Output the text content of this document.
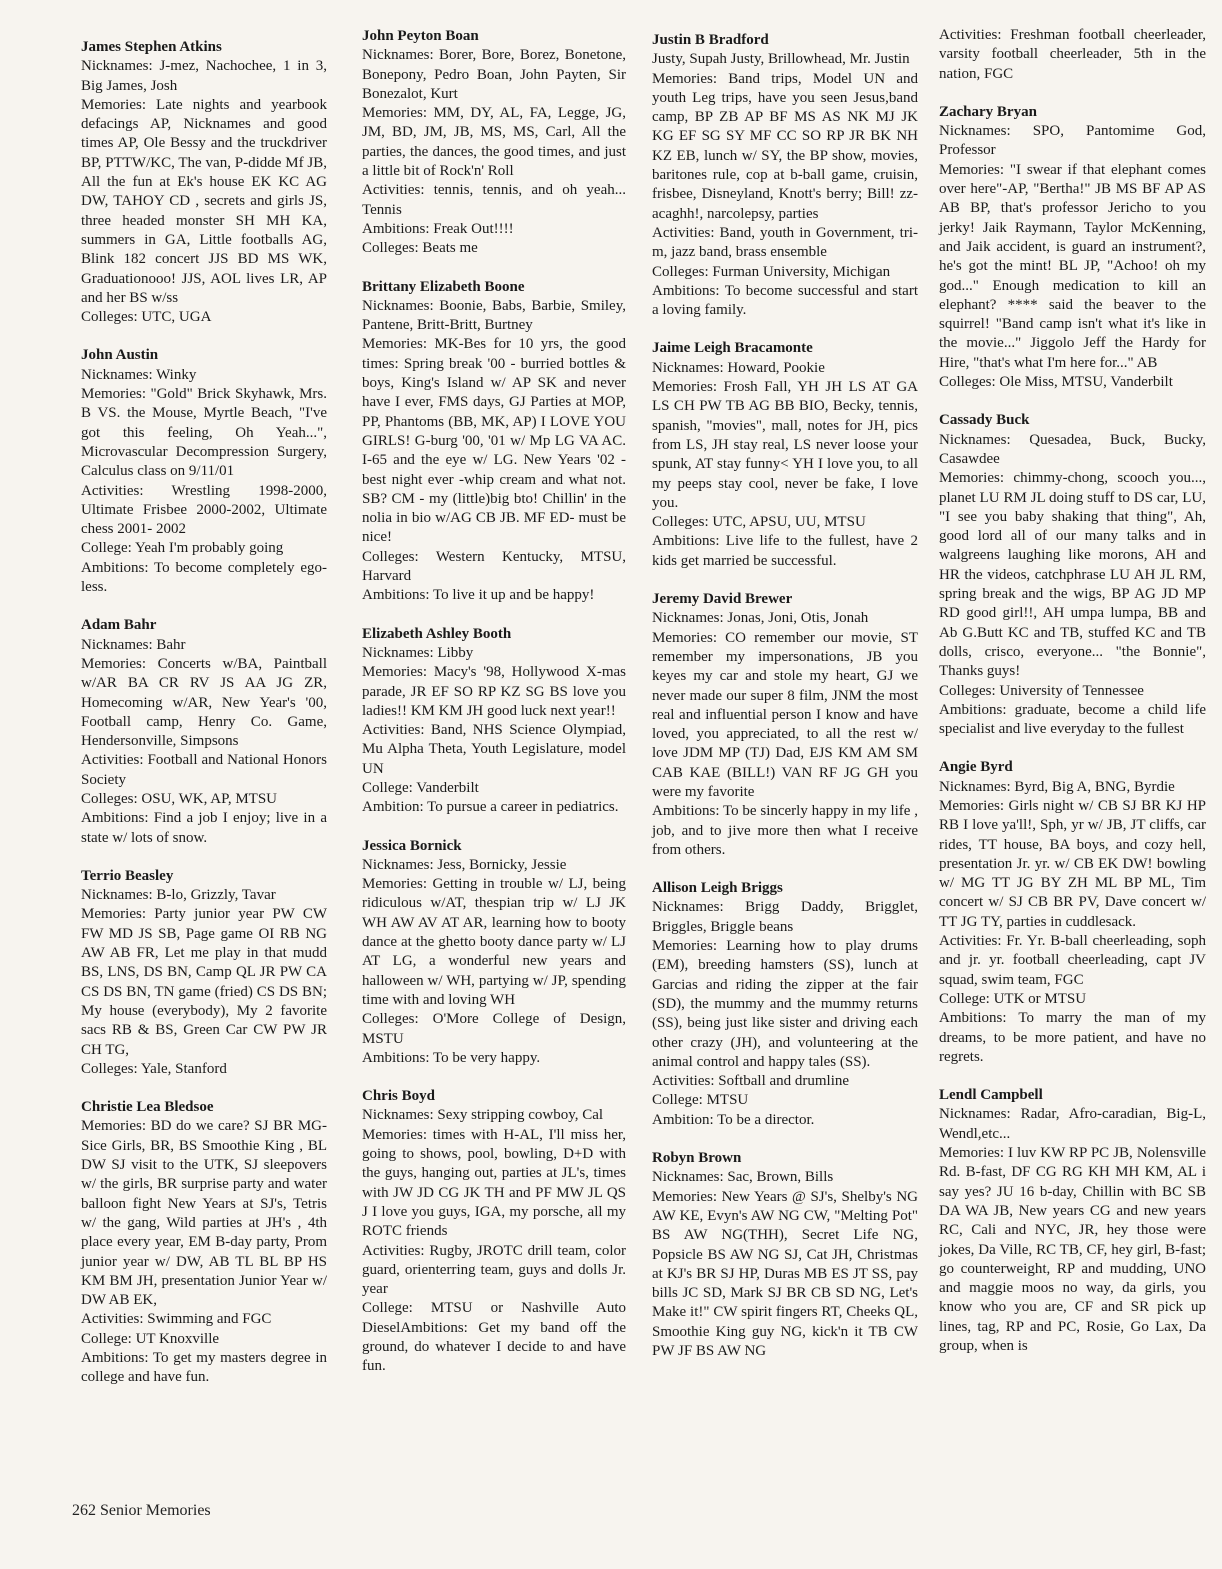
James Stephen Atkins
Nicknames: J-mez, Nachochee, 1 in 3, Big James, Josh
Memories: Late nights and yearbook defacings AP, Nicknames and good times AP, Ole Bessy and the truckdriver BP, PTTW/KC, The van, P-didde Mf JB, All the fun at Ek's house EK KC AG DW, TAHOY CD , secrets and girls JS, three headed monster SH MH KA, summers in GA, Little footballs AG, Blink 182 concert JJS BD MS WK, Graduationooo! JJS, AOL lives LR, AP and her BS w/ss
Colleges: UTC, UGA
John Austin
Nicknames: Winky
Memories: "Gold" Brick Skyhawk, Mrs. B VS. the Mouse, Myrtle Beach, "I've got this feeling, Oh Yeah...", Microvascular Decompression Surgery, Calculus class on 9/11/01
Activities: Wrestling 1998-2000, Ultimate Frisbee 2000-2002, Ultimate chess 2001- 2002
College: Yeah I'm probably going
Ambitions: To become completely ego-less.
Adam Bahr
Nicknames: Bahr
Memories: Concerts w/BA, Paintball w/AR BA CR RV JS AA JG ZR, Homecoming w/AR, New Year's '00, Football camp, Henry Co. Game, Hendersonville, Simpsons
Activities: Football and National Honors Society
Colleges: OSU, WK, AP, MTSU
Ambitions: Find a job I enjoy; live in a state w/ lots of snow.
Terrio Beasley
Nicknames: B-lo, Grizzly, Tavar
Memories: Party junior year PW CW FW MD JS SB, Page game OI RB NG AW AB FR, Let me play in that mudd BS, LNS, DS BN, Camp QL JR PW CA CS DS BN, TN game (fried) CS DS BN; My house (everybody), My 2 favorite sacs RB & BS, Green Car CW PW JR CH TG,
Colleges: Yale, Stanford
Christie Lea Bledsoe
Memories: BD do we care? SJ BR MG-Sice Girls, BR, BS Smoothie King , BL DW SJ visit to the UTK, SJ sleepovers w/ the girls, BR surprise party and water balloon fight New Years at SJ's, Tetris w/ the gang, Wild parties at JH's , 4th place every year, EM B-day party, Prom junior year w/ DW, AB TL BL BP HS KM BM JH, presentation Junior Year w/ DW AB EK,
Activities: Swimming and FGC
College: UT Knoxville
Ambitions: To get my masters degree in college and have fun.
John Peyton Boan
Nicknames: Borer, Bore, Borez, Bonetone, Bonepony, Pedro Boan, John Payten, Sir Bonezalot, Kurt
Memories: MM, DY, AL, FA, Legge, JG, JM, BD, JM, JB, MS, MS, Carl, All the parties, the dances, the good times, and just a little bit of Rock'n' Roll
Activities: tennis, tennis, and oh yeah... Tennis
Ambitions: Freak Out!!!!
Colleges: Beats me
Brittany Elizabeth Boone
Nicknames: Boonie, Babs, Barbie, Smiley, Pantene, Britt-Britt, Burtney
Memories: MK-Bes for 10 yrs, the good times: Spring break '00 - burried bottles & boys, King's Island w/ AP SK and never have I ever, FMS days, GJ Parties at MOP, PP, Phantoms (BB, MK, AP) I LOVE YOU GIRLS! G-burg '00, '01 w/ Mp LG VA AC. I-65 and the eye w/ LG. New Years '02 -best night ever -whip cream and what not. SB? CM - my (little)big bto! Chillin' in the nolia in bio w/AG CB JB. MF ED- must be nice!
Colleges: Western Kentucky, MTSU, Harvard
Ambitions: To live it up and be happy!
Elizabeth Ashley Booth
Nicknames: Libby
Memories: Macy's '98, Hollywood X-mas parade, JR EF SO RP KZ SG BS love you ladies!! KM KM JH good luck next year!!
Activities: Band, NHS Science Olympiad, Mu Alpha Theta, Youth Legislature, model UN
College: Vanderbilt
Ambition: To pursue a career in pediatrics.
Jessica Bornick
Nicknames: Jess, Bornicky, Jessie
Memories: Getting in trouble w/ LJ, being ridiculous w/AT, thespian trip w/ LJ JK WH AW AV AT AR, learning how to booty dance at the ghetto booty dance party w/ LJ AT LG, a wonderful new years and halloween w/ WH, partying w/ JP, spending time with and loving WH
Colleges: O'More College of Design, MSTU
Ambitions: To be very happy.
Chris Boyd
Nicknames: Sexy stripping cowboy, Cal
Memories: times with H-AL, I'll miss her, going to shows, pool, bowling, D+D with the guys, hanging out, parties at JL's, times with JW JD CG JK TH and PF MW JL QS J I love you guys, IGA, my porsche, all my ROTC friends
Activities: Rugby, JROTC drill team, color guard, orienterring team, guys and dolls Jr. year
College: MTSU or Nashville Auto DieselAmbitions: Get my band off the ground, do whatever I decide to and have fun.
Justin B Bradford
Justy, Supah Justy, Brillowhead, Mr. Justin
Memories: Band trips, Model UN and youth Leg trips, have you seen Jesus,band camp, BP ZB AP BF MS AS NK MJ JK KG EF SG SY MF CC SO RP JR BK NH KZ EB, lunch w/ SY, the BP show, movies, baritones rule, cop at b-ball game, cruisin, frisbee, Disneyland, Knott's berry; Bill! zz-acaghh!, narcolepsy, parties
Activities: Band, youth in Government, tri-m, jazz band, brass ensemble
Colleges: Furman University, Michigan
Ambitions: To become successful and start a loving family.
Jaime Leigh Bracamonte
Nicknames: Howard, Pookie
Memories: Frosh Fall, YH JH LS AT GA LS CH PW TB AG BB BIO, Becky, tennis, spanish, "movies", mall, notes for JH, pics from LS, JH stay real, LS never loose your spunk, AT stay funny< YH I love you, to all my peeps stay cool, never be fake, I love you.
Colleges: UTC, APSU, UU, MTSU
Ambitions: Live life to the fullest, have 2 kids get married be successful.
Jeremy David Brewer
Nicknames: Jonas, Joni, Otis, Jonah
Memories: CO remember our movie, ST remember my impersonations, JB you keyes my car and stole my heart, GJ we never made our super 8 film, JNM the most real and influential person I know and have loved, you appreciated, to all the rest w/ love JDM MP (TJ) Dad, EJS KM AM SM CAB KAE (BILL!) VAN RF JG GH you were my favorite
Ambitions: To be sincerly happy in my life , job, and to jive more then what I receive from others.
Allison Leigh Briggs
Nicknames: Brigg Daddy, Brigglet, Briggles, Briggle beans
Memories: Learning how to play drums (EM), breeding hamsters (SS), lunch at Garcias and riding the zipper at the fair (SD), the mummy and the mummy returns (SS), being just like sister and driving each other crazy (JH), and volunteering at the animal control and happy tales (SS).
Activities: Softball and drumline
College: MTSU
Ambition: To be a director.
Robyn Brown
Nicknames: Sac, Brown, Bills
Memories: New Years @ SJ's, Shelby's NG AW KE, Evyn's AW NG CW, "Melting Pot" BS AW NG(THH), Secret Life NG, Popsicle BS AW NG SJ, Cat JH, Christmas at KJ's BR SJ HP, Duras MB ES JT SS, pay bills JC SD, Mark SJ BR CB SD NG, Let's Make it!" CW spirit fingers RT, Cheeks QL, Smoothie King guy NG, kick'n it TB CW PW JF BS AW NG
Activities: Freshman football cheerleader, varsity football cheerleader, 5th in the nation, FGC
Zachary Bryan
Nicknames: SPO, Pantomime God, Professor
Memories: "I swear if that elephant comes over here"-AP, "Bertha!" JB MS BF AP AS AB BP, that's professor Jericho to you jerky! Jaik Raymann, Taylor McKenning, and Jaik accident, is guard an instrument?, he's got the mint! BL JP, "Achoo! oh my god..." Enough medication to kill an elephant? **** said the beaver to the squirrel! "Band camp isn't what it's like in the movie..." Jiggolo Jeff the Hardy for Hire, "that's what I'm here for..." AB
Colleges: Ole Miss, MTSU, Vanderbilt
Cassady Buck
Nicknames: Quesadea, Buck, Bucky, Casawdee
Memories: chimmy-chong, scooch you..., planet LU RM JL doing stuff to DS car, LU, "I see you baby shaking that thing", Ah, good lord all of our many talks and in walgreens laughing like morons, AH and HR the videos, catchphrase LU AH JL RM, spring break and the wigs, BP AG JD MP RD good girl!!, AH umpa lumpa, BB and Ab G.Butt KC and TB, stuffed KC and TB dolls, crisco, everyone... "the Bonnie", Thanks guys!
Colleges: University of Tennessee
Ambitions: graduate, become a child life specialist and live everyday to the fullest
Angie Byrd
Nicknames: Byrd, Big A, BNG, Byrdie
Memories: Girls night w/ CB SJ BR KJ HP RB I love ya'll!, Sph, yr w/ JB, JT cliffs, car rides, TT house, BA boys, and cozy hell, presentation Jr. yr. w/ CB EK DW! bowling w/ MG TT JG BY ZH ML BP ML, Tim concert w/ SJ CB BR PV, Dave concert w/ TT JG TY, parties in cuddlesack.
Activities: Fr. Yr. B-ball cheerleading, soph and jr. yr. football cheerleading, capt JV squad, swim team, FGC
College: UTK or MTSU
Ambitions: To marry the man of my dreams, to be more patient, and have no regrets.
Lendl Campbell
Nicknames: Radar, Afro-caradian, Big-L, Wendl,etc...
Memories: I luv KW RP PC JB, Nolensville Rd. B-fast, DF CG RG KH MH KM, AL i say yes? JU 16 b-day, Chillin with BC SB DA WA JB, New years CG and new years RC, Cali and NYC, JR, hey those were jokes, Da Ville, RC TB, CF, hey girl, B-fast; go counterweight, RP and mudding, UNO and maggie moos no way, da girls, you know who you are, CF and SR pick up lines, tag, RP and PC, Rosie, Go Lax, Da group, when is
262 Senior Memories
